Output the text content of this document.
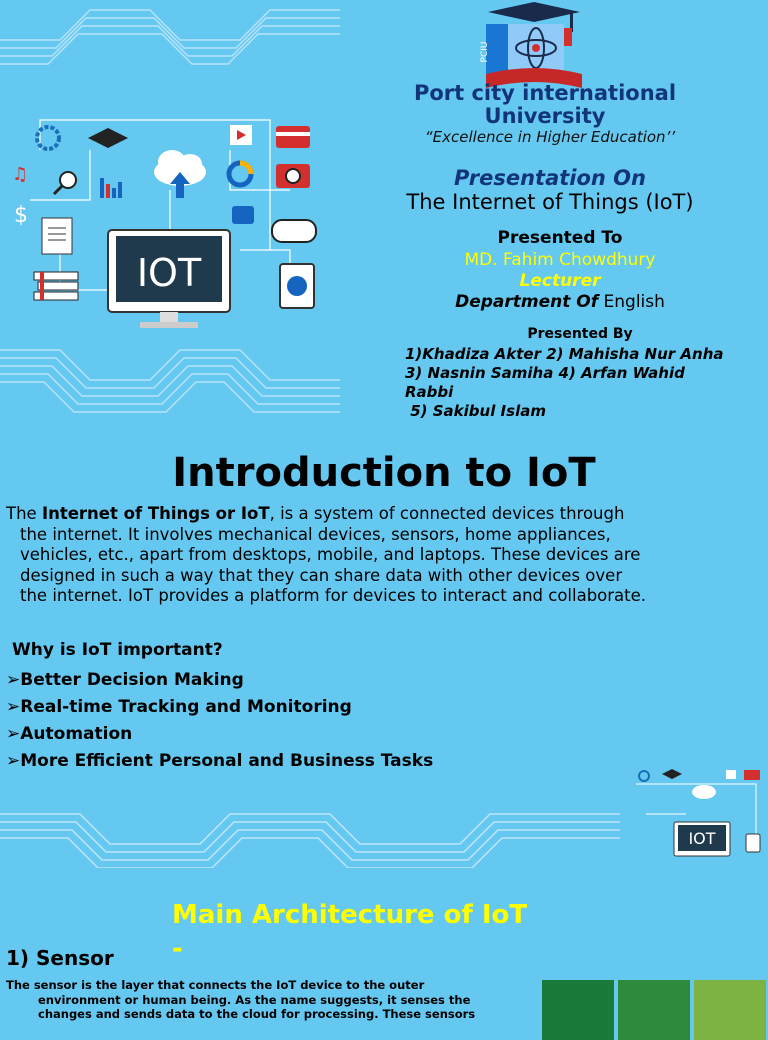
♫
$
IOT
PCIU
Port city international University
“Excellence in Higher Education’’
Presentation On
The Internet of Things (IoT)
Presented To
MD. Fahim Chowdhury
Lecturer
Department Of English
Presented By
1)Khadiza Akter 2) Mahisha Nur Anha
3) Nasnin Samiha 4) Arfan Wahid Rabbi
5) Sakibul Islam
Introduction to IoT
The Internet of Things or IoT, is a system of connected devices through
the internet. It involves mechanical devices, sensors, home appliances,
vehicles, etc., apart from desktops, mobile, and laptops. These devices are
designed in such a way that they can share data with other devices over
the internet. IoT provides a platform for devices to interact and collaborate.
Why is IoT important?
➢Better Decision Making
➢Real-time Tracking and Monitoring
➢Automation
➢More Efficient Personal and Business Tasks
IOT
Main Architecture of IoT -
1) Sensor
The sensor is the layer that connects the IoT device to the outer
environment or human being. As the name suggests, it senses the
changes and sends data to the cloud for processing. These sensors
